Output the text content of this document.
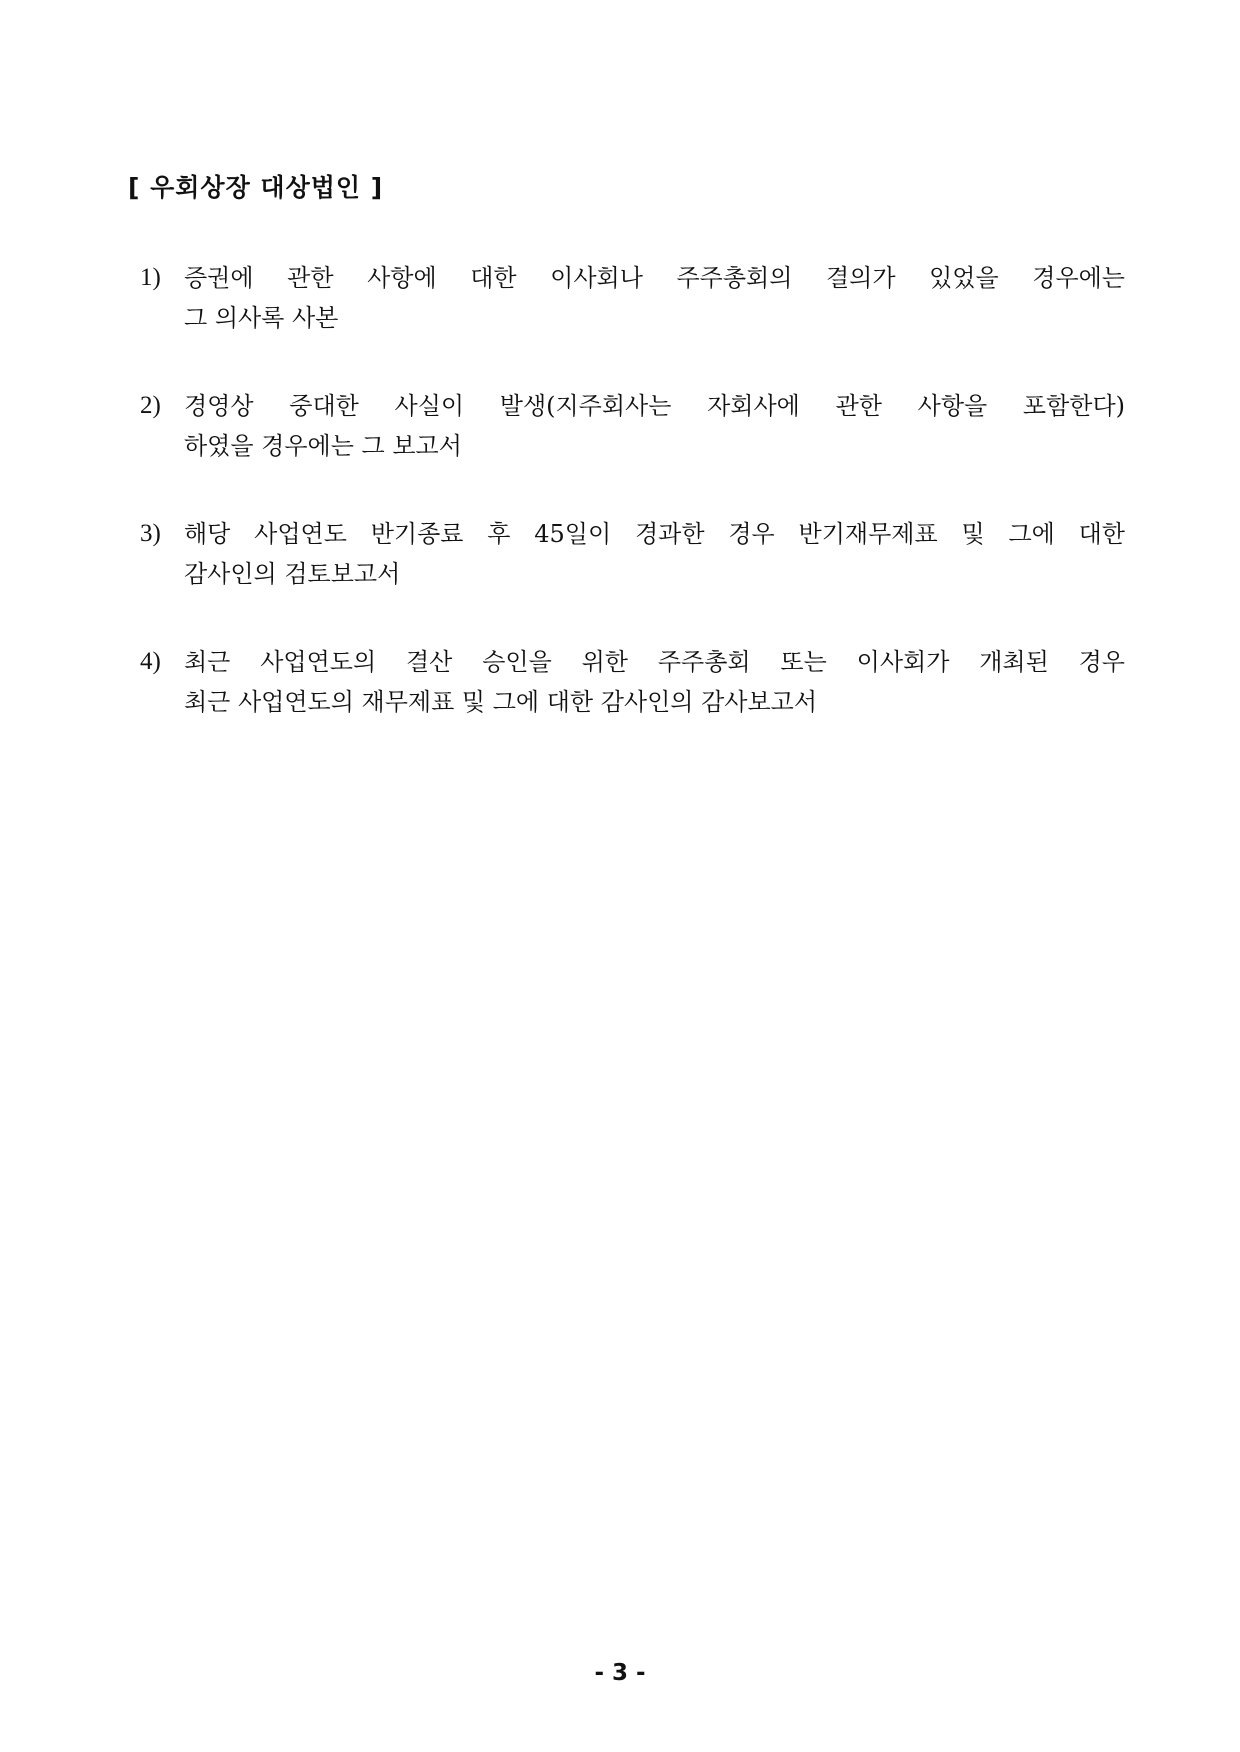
[ 우회상장 대상법인 ]
1) 증권에 관한 사항에 대한 이사회나 주주총회의 결의가 있었을 경우에는
그 의사록 사본
2) 경영상 중대한 사실이 발생(지주회사는 자회사에 관한 사항을 포함한다)
하였을 경우에는 그 보고서
3) 해당 사업연도 반기종료 후 45일이 경과한 경우 반기재무제표 및 그에 대한
감사인의 검토보고서
4) 최근 사업연도의 결산 승인을 위한 주주총회 또는 이사회가 개최된 경우
최근 사업연도의 재무제표 및 그에 대한 감사인의 감사보고서
- 3 -
